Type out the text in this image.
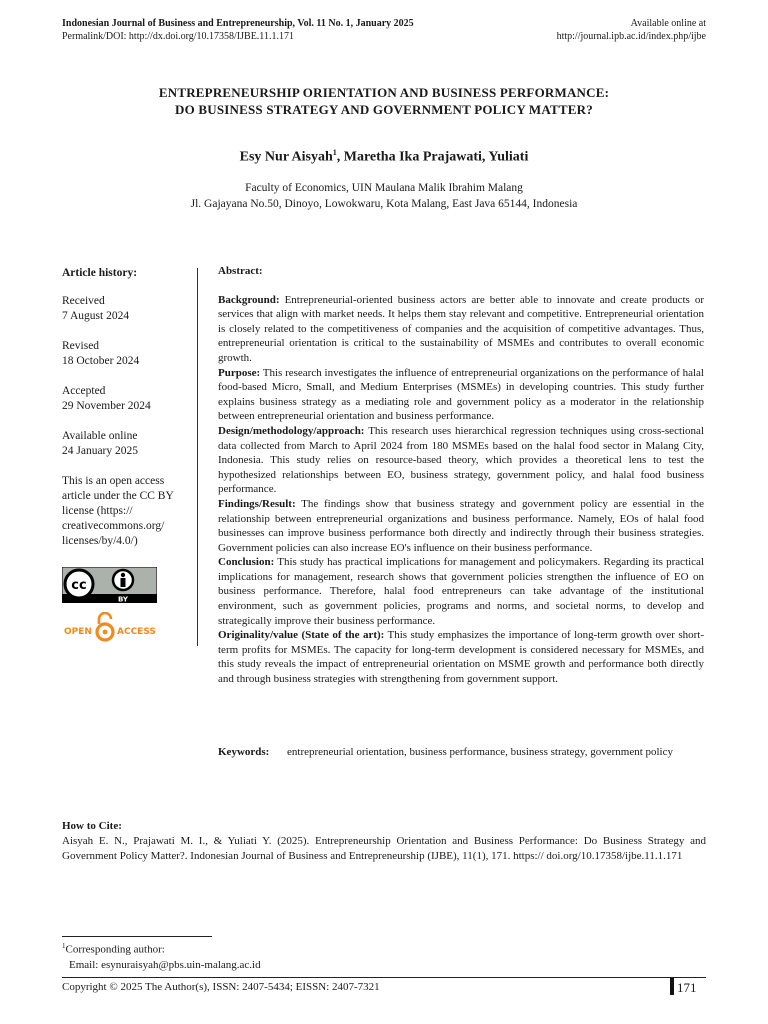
Indonesian Journal of Business and Entrepreneurship, Vol. 11 No. 1, January 2025
Permalink/DOI: http://dx.doi.org/10.17358/IJBE.11.1.171
Available online at
http://journal.ipb.ac.id/index.php/ijbe
ENTREPRENEURSHIP ORIENTATION AND BUSINESS PERFORMANCE:
DO BUSINESS STRATEGY AND GOVERNMENT POLICY MATTER?
Esy Nur Aisyah$^1$, Maretha Ika Prajawati, Yuliati
Faculty of Economics, UIN Maulana Malik Ibrahim Malang
Jl. Gajayana No.50, Dinoyo, Lowokwaru, Kota Malang, East Java 65144, Indonesia
Article history:
Received
7 August 2024
Revised
18 October 2024
Accepted
29 November 2024
Available online
24 January 2025
This is an open access article under the CC BY license (https:// creativecommons.org/ licenses/by/4.0/)
cc
BY
OPEN	ACCESS
Abstract:

Background: Entrepreneurial-oriented business actors are better able to innovate and create products or services that align with market needs. It helps them stay relevant and competitive. Entrepreneurial orientation is closely related to the competitiveness of companies and the acquisition of competitive advantages. Thus, entrepreneurial orientation is critical to the sustainability of MSMEs and contributes to overall economic growth.

Purpose: This research investigates the influence of entrepreneurial organizations on the performance of halal food-based Micro, Small, and Medium Enterprises (MSMEs) in developing countries. This study further explains business strategy as a mediating role and government policy as a moderator in the relationship between entrepreneurial orientation and business performance.

Design/methodology/approach: This research uses hierarchical regression techniques using cross-sectional data collected from March to April 2024 from 180 MSMEs based on the halal food sector in Malang City, Indonesia. This study relies on resource-based theory, which provides a theoretical lens to test the hypothesized relationships between EO, business strategy, government policy, and halal food business performance.

Findings/Result: The findings show that business strategy and government policy are essential in the relationship between entrepreneurial organizations and business performance. Namely, EOs of halal food businesses can improve business performance both directly and indirectly through their business strategies. Government policies can also increase EO's influence on their business performance.

Conclusion: This study has practical implications for management and policymakers. Regarding its practical implications for management, research shows that government policies strengthen the influence of EO on business performance. Therefore, halal food entrepreneurs can take advantage of the institutional environment, such as government policies, programs and norms, and societal norms, to develop and strategically improve their business performance.

Originality/value (State of the art): This study emphasizes the importance of long-term growth over short-term profits for MSMEs. The capacity for long-term development is considered necessary for MSMEs, and this study reveals the impact of entrepreneurial orientation on MSME growth and performance both directly and through business strategies with strengthening from government support.

Keywords: entrepreneurial orientation, business performance, business strategy, government policy
How to Cite:
Aisyah E. N., Prajawati M. I., & Yuliati Y. (2025). Entrepreneurship Orientation and Business Performance: Do Business Strategy and Government Policy Matter?. Indonesian Journal of Business and Entrepreneurship (IJBE), 11(1), 171. https:// doi.org/10.17358/ijbe.11.1.171
$^1$Corresponding author:
Email: esynuraisyah@pbs.uin-malang.ac.id
Copyright © 2025 The Author(s), ISSN: 2407-5434; EISSN: 2407-7321	171
